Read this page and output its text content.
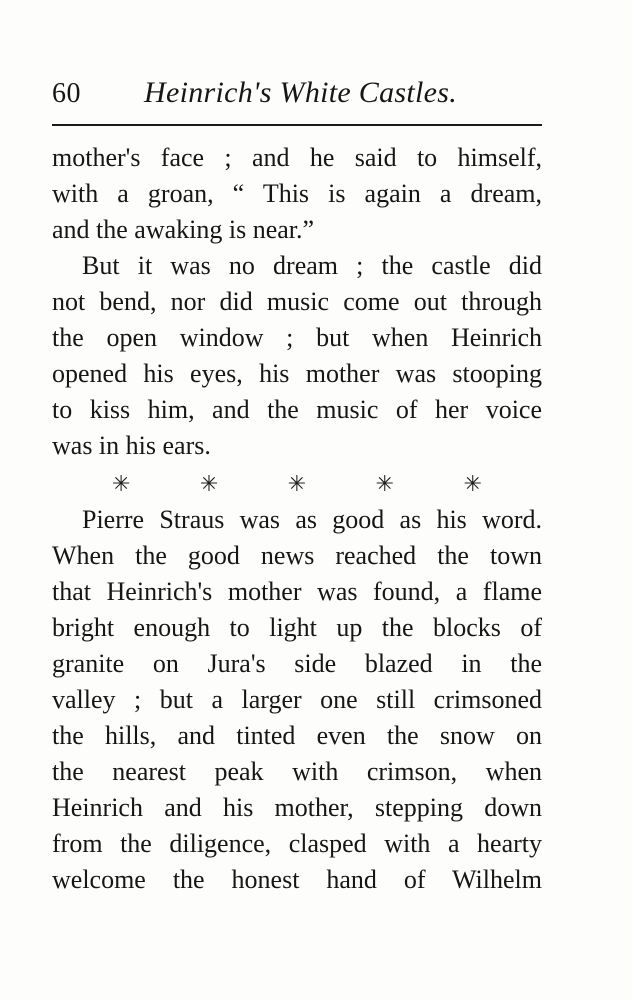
60 Heinrich's White Castles.
mother's face ; and he said to himself,
with a groan, “ This is again a dream,
and the awaking is near.”
But it was no dream ; the castle did
not bend, nor did music come out through
the open window ; but when Heinrich
opened his eyes, his mother was stooping
to kiss him, and the music of her voice
was in his ears.
✳	✳	✳	✳	✳
Pierre Straus was as good as his word.
When the good news reached the town
that Heinrich's mother was found, a flame
bright enough to light up the blocks of
granite on Jura's side blazed in the
valley ; but a larger one still crimsoned
the hills, and tinted even the snow on
the nearest peak with crimson, when
Heinrich and his mother, stepping down
from the diligence, clasped with a hearty
welcome the honest hand of Wilhelm
